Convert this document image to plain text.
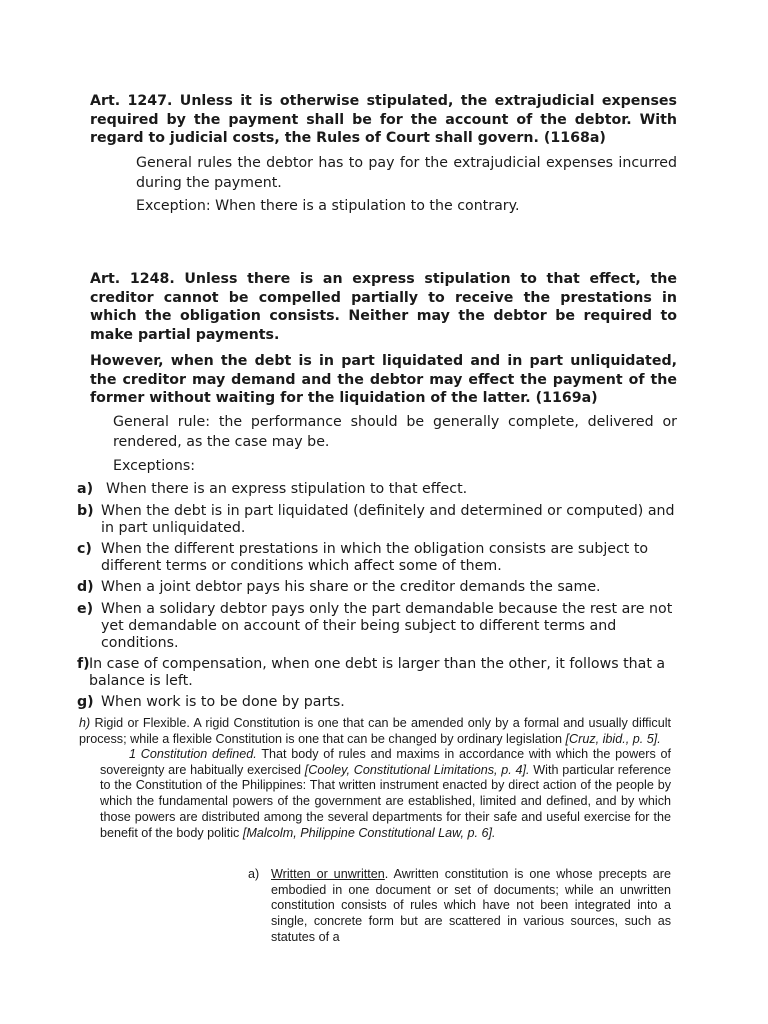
Art. 1247. Unless it is otherwise stipulated, the extrajudicial expenses required by the payment shall be for the account of the debtor. With regard to judicial costs, the Rules of Court shall govern. (1168a)

General rules the debtor has to pay for the extrajudicial expenses incurred during the payment.

Exception: When there is a stipulation to the contrary.

Art. 1248. Unless there is an express stipulation to that effect, the creditor cannot be compelled partially to receive the prestations in which the obligation consists. Neither may the debtor be required to make partial payments.

However, when the debt is in part liquidated and in part unliquidated, the creditor may demand and the debtor may effect the payment of the former without waiting for the liquidation of the latter. (1169a)

General rule: the performance should be generally complete, delivered or rendered, as the case may be.

Exceptions:

a) When there is an express stipulation to that effect.
b) When the debt is in part liquidated (definitely and determined or computed) and in part unliquidated.
c) When the different prestations in which the obligation consists are subject to different terms or conditions which affect some of them.
d) When a joint debtor pays his share or the creditor demands the same.
e) When a solidary debtor pays only the part demandable because the rest are not yet demandable on account of their being subject to different terms and conditions.
f) In case of compensation, when one debt is larger than the other, it follows that a balance is left.
g) When work is to be done by parts.

h) Rigid or Flexible. A rigid Constitution is one that can be amended only by a formal and usually difficult process; while a flexible Constitution is one that can be changed by ordinary legislation [Cruz, ibid., p. 5].

1 Constitution defined. That body of rules and maxims in accordance with which the powers of sovereignty are habitually exercised [Cooley, Constitutional Limitations, p. 4]. With particular reference to the Constitution of the Philippines: That written instrument enacted by direct action of the people by which the fundamental powers of the government are established, limited and defined, and by which those powers are distributed among the several departments for their safe and useful exercise for the benefit of the body politic [Malcolm, Philippine Constitutional Law, p. 6].

a) Written or unwritten. Awritten constitution is one whose precepts are embodied in one document or set of documents; while an unwritten constitution consists of rules which have not been integrated into a single, concrete form but are scattered in various sources, such as statutes of a
